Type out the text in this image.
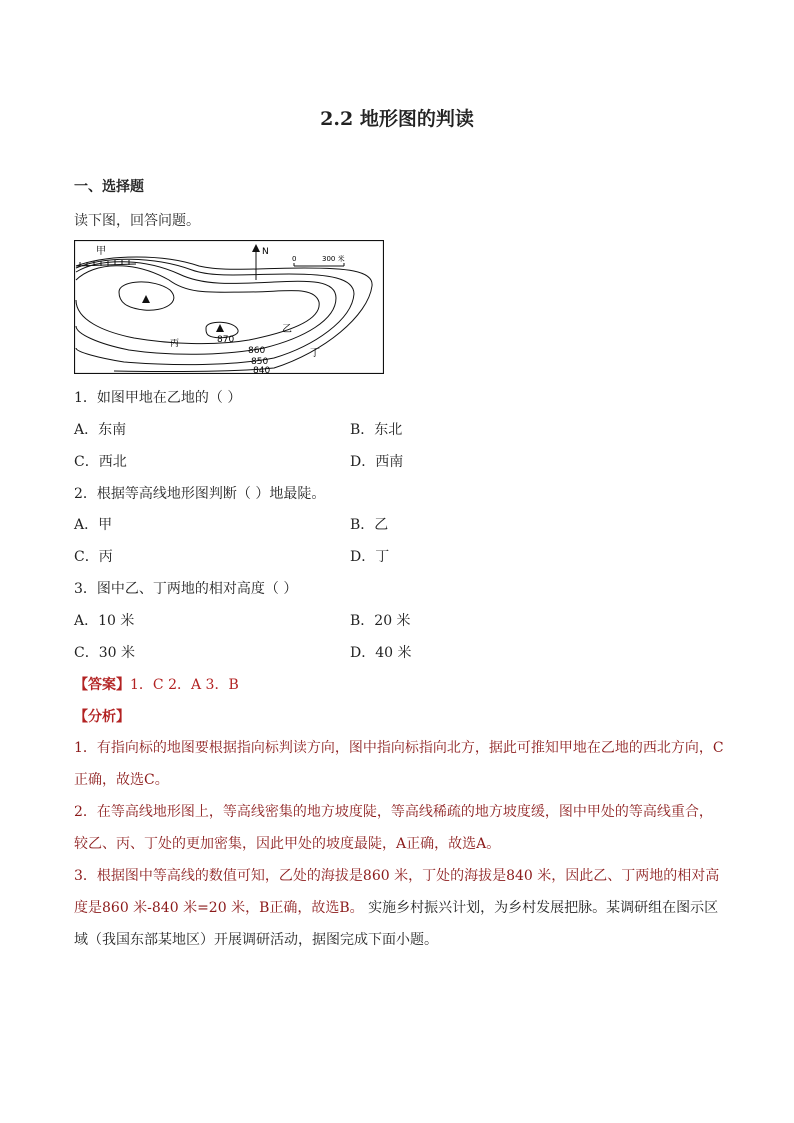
2.2 地形图的判读
一、选择题
读下图，回答问题。
N
0	300 米
甲
乙
丙
丁
870
860
850
840
1．如图甲地在乙地的（ ）
A．东南	B．东北
C．西北	D．西南
2．根据等高线地形图判断（ ）地最陡。
A．甲	B．乙
C．丙	D．丁
3．图中乙、丁两地的相对高度（ ）
A．10 米	B．20 米
C．30 米	D．40 米
【答案】1．C 2．A 3．B
【分析】
1．有指向标的地图要根据指向标判读方向，图中指向标指向北方，据此可推知甲地在乙地的西北方向，C正确，故选C。
2．在等高线地形图上，等高线密集的地方坡度陡，等高线稀疏的地方坡度缓，图中甲处的等高线重合，较乙、丙、丁处的更加密集，因此甲处的坡度最陡，A正确，故选A。
3．根据图中等高线的数值可知，乙处的海拔是860 米，丁处的海拔是840 米，因此乙、丁两地的相对高度是860 米-840 米=20 米，B正确，故选B。 实施乡村振兴计划，为乡村发展把脉。某调研组在图示区域（我国东部某地区）开展调研活动，据图完成下面小题。
